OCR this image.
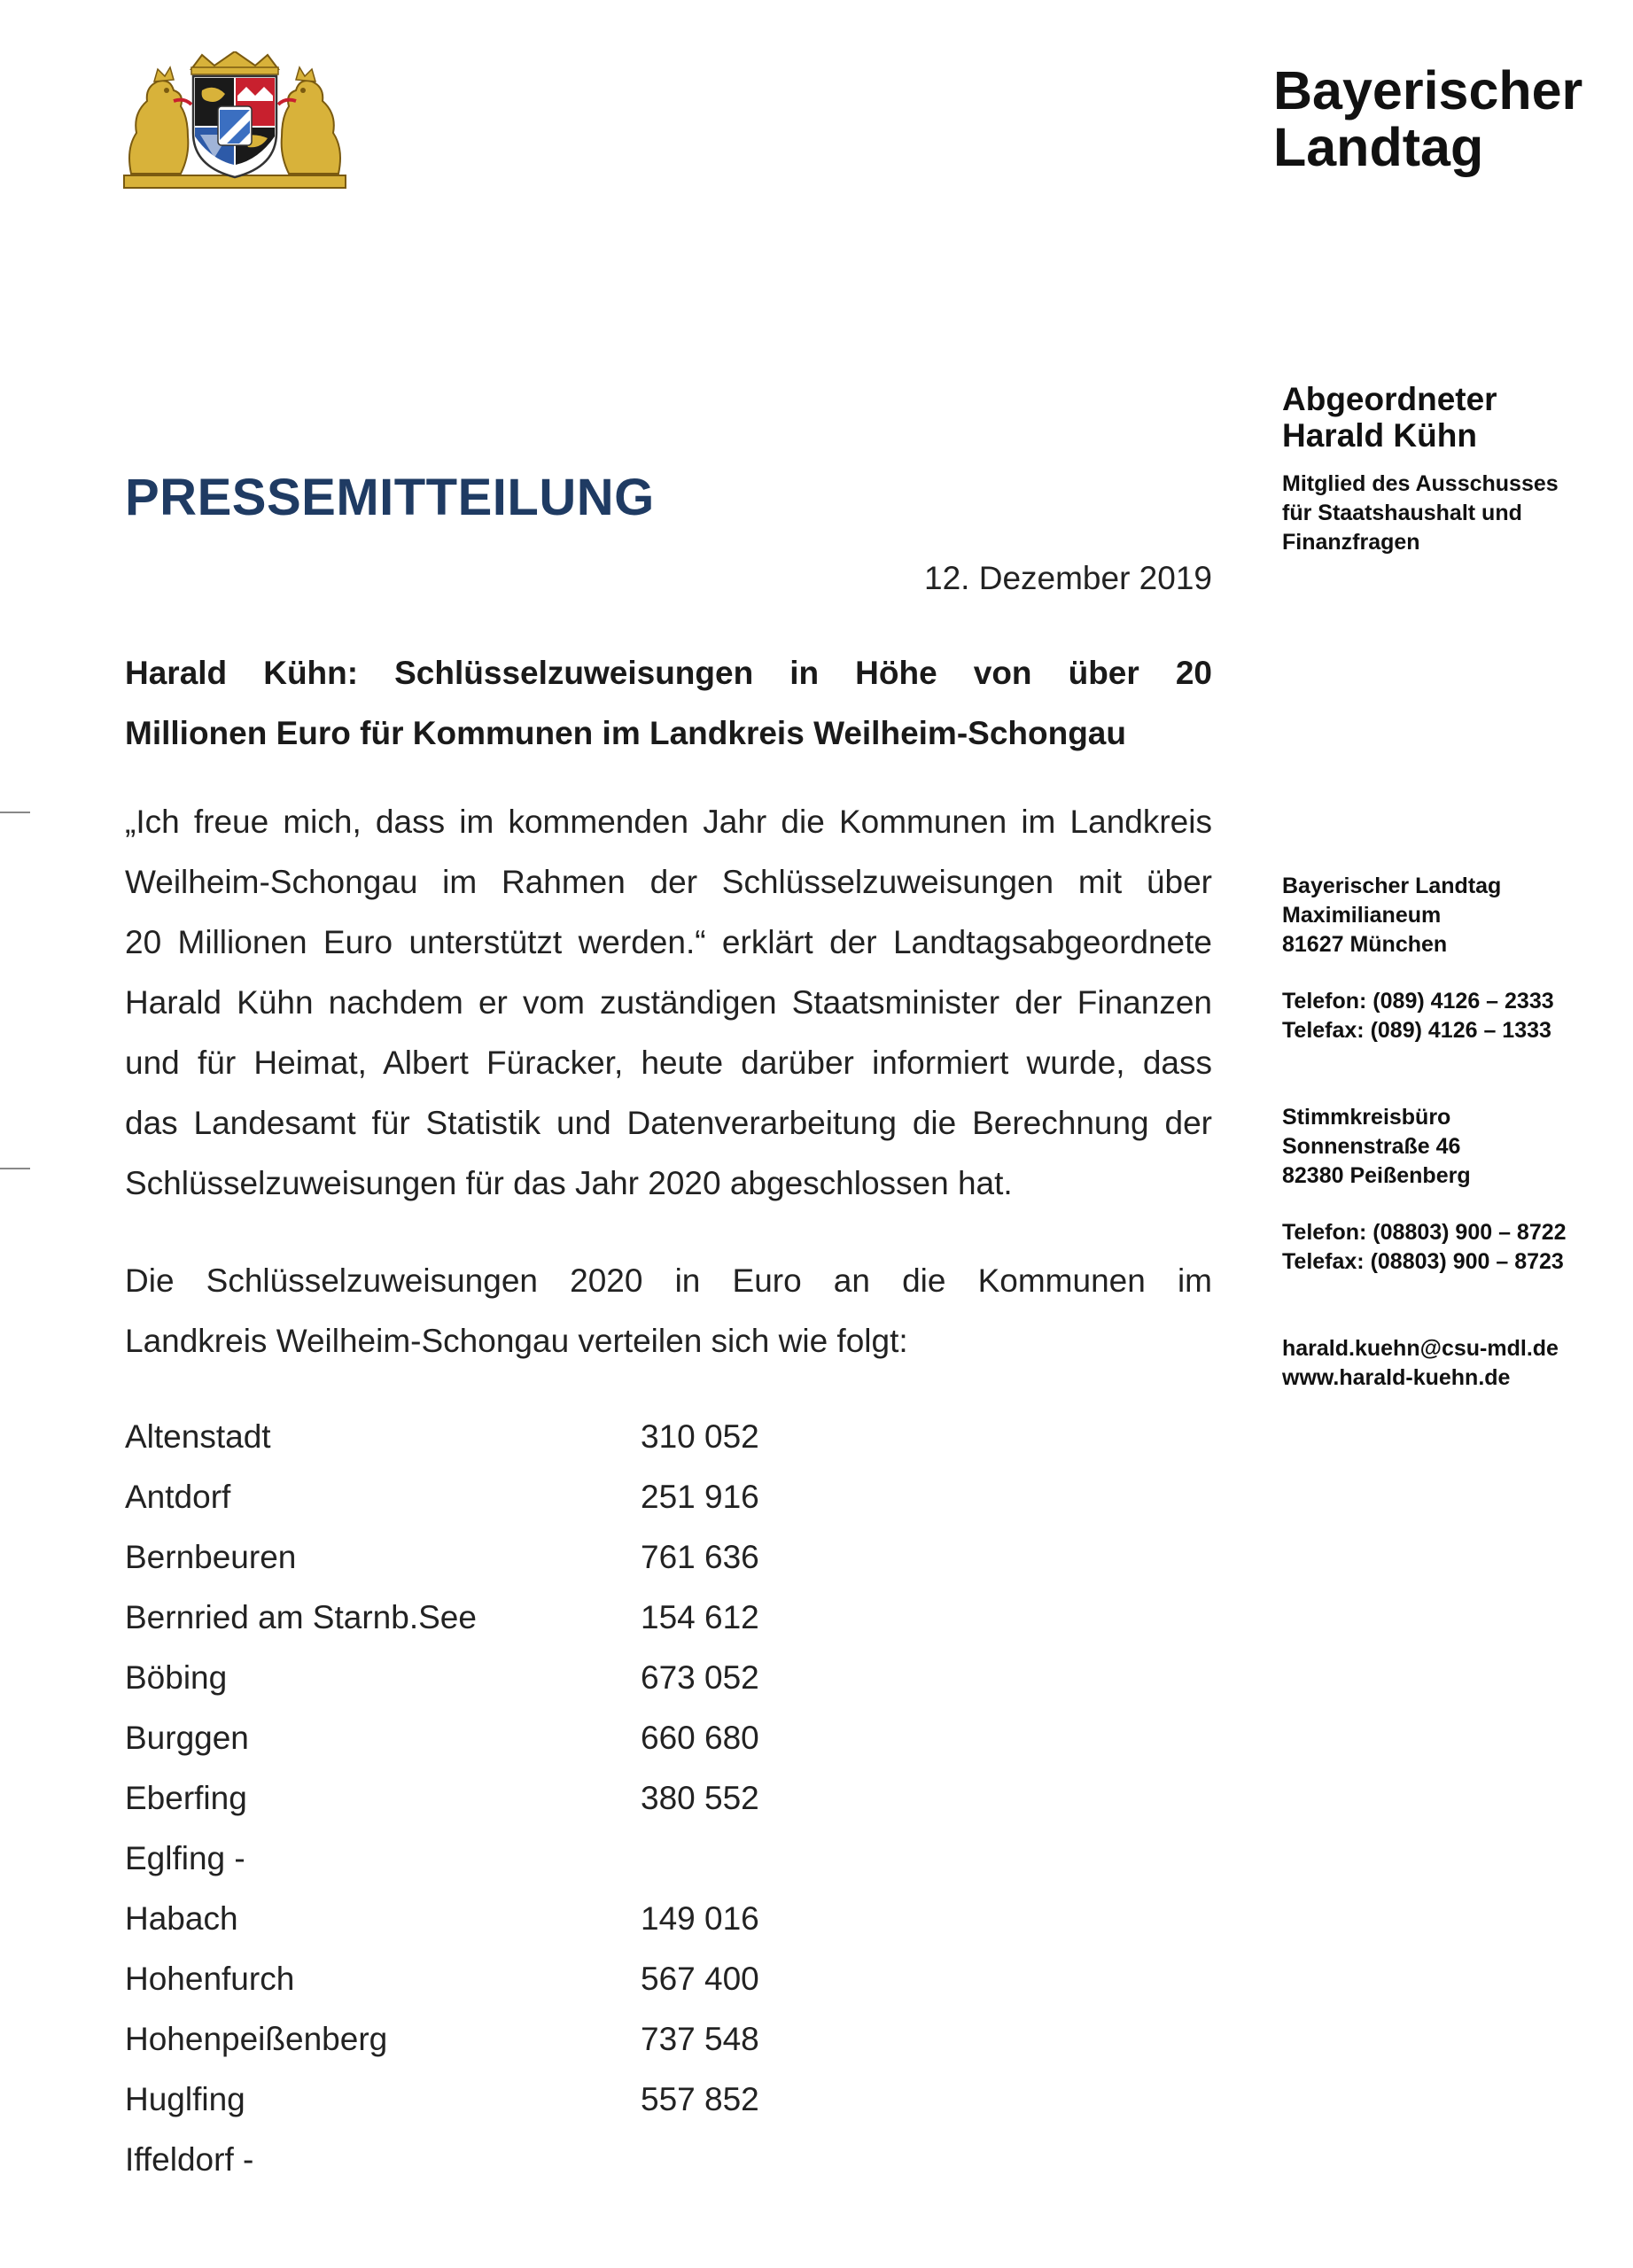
Bayerischer
Landtag
PRESSEMITTEILUNG
12. Dezember 2019
Harald Kühn: Schlüsselzuweisungen in Höhe von über 20
Millionen Euro für Kommunen im Landkreis Weilheim-Schongau
„Ich freue mich, dass im kommenden Jahr die Kommunen im Landkreis
Weilheim-Schongau im Rahmen der Schlüsselzuweisungen mit über
20 Millionen Euro unterstützt werden.“ erklärt der Landtagsabgeordnete
Harald Kühn nachdem er vom zuständigen Staatsminister der Finanzen
und für Heimat, Albert Füracker, heute darüber informiert wurde, dass
das Landesamt für Statistik und Datenverarbeitung die Berechnung der
Schlüsselzuweisungen für das Jahr 2020 abgeschlossen hat.
Die Schlüsselzuweisungen 2020 in Euro an die Kommunen im
Landkreis Weilheim-Schongau verteilen sich wie folgt:
Altenstadt	310 052
Antdorf	251 916
Bernbeuren	761 636
Bernried am Starnb.See	154 612
Böbing	673 052
Burggen	660 680
Eberfing	380 552
Eglfing -
Habach	149 016
Hohenfurch	567 400
Hohenpeißenberg	737 548
Huglfing	557 852
Iffeldorf -
Abgeordneter
Harald Kühn
Mitglied des Ausschusses
für Staatshaushalt und
Finanzfragen
Bayerischer Landtag
Maximilianeum
81627 München
Telefon: (089) 4126 – 2333
Telefax: (089) 4126 – 1333
Stimmkreisbüro
Sonnenstraße 46
82380 Peißenberg
Telefon: (08803) 900 – 8722
Telefax: (08803) 900 – 8723
harald.kuehn@csu-mdl.de
www.harald-kuehn.de
